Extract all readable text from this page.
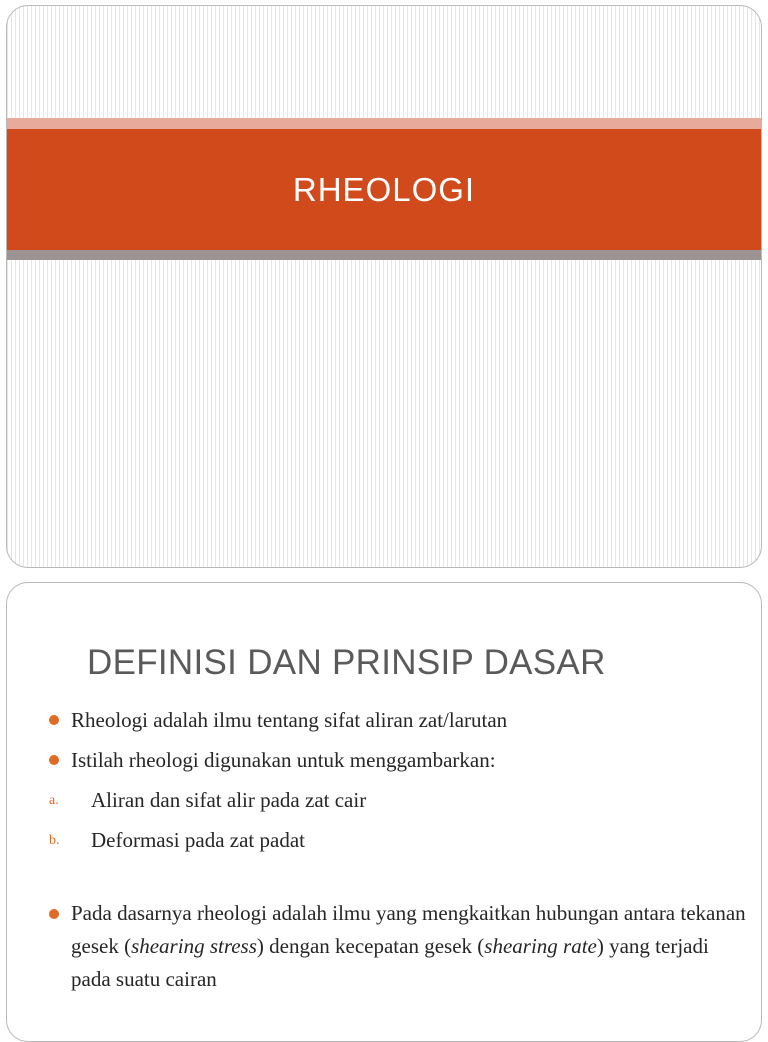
RHEOLOGI
DEFINISI DAN PRINSIP DASAR
Rheologi adalah ilmu tentang sifat aliran zat/larutan
Istilah rheologi digunakan untuk menggambarkan:
a. Aliran dan sifat alir pada zat cair
b. Deformasi pada zat padat
Pada dasarnya rheologi adalah ilmu yang mengkaitkan hubungan antara tekanan gesek (shearing stress) dengan kecepatan gesek (shearing rate) yang terjadi pada suatu cairan
